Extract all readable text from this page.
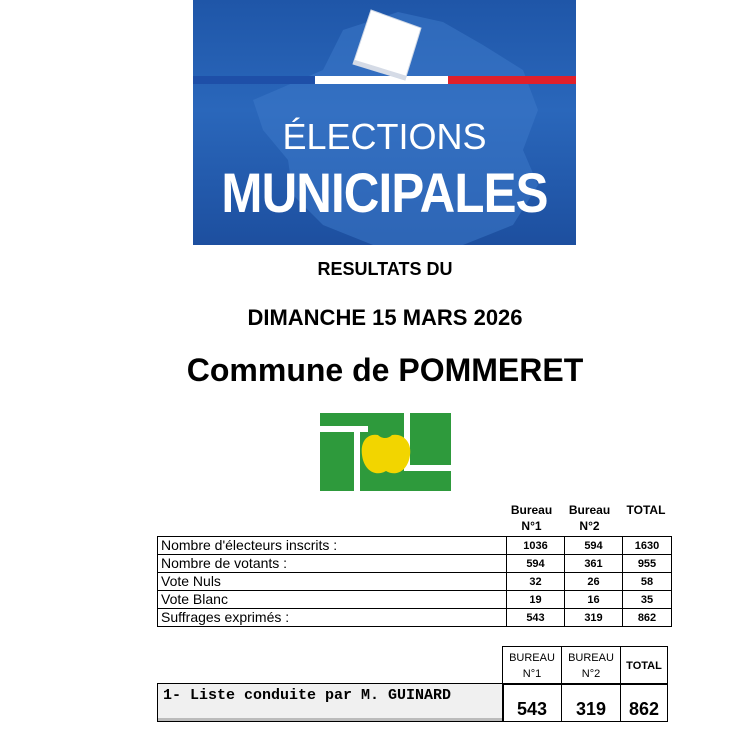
ÉLECTIONS
MUNICIPALES
RESULTATS DU
DIMANCHE 15 MARS 2026
Commune de POMMERET
Bureau
N°1
Bureau
N°2
TOTAL
Nombre d'électeurs inscrits :	1036	594	1630
Nombre de votants :	594	361	955
Vote Nuls	32	26	58
Vote Blanc	19	16	35
Suffrages exprimés :	543	319	862
BUREAU
N°1

BUREAU
N°2
	TOTAL
1- Liste conduite par M. GUINARD
543	319	862
